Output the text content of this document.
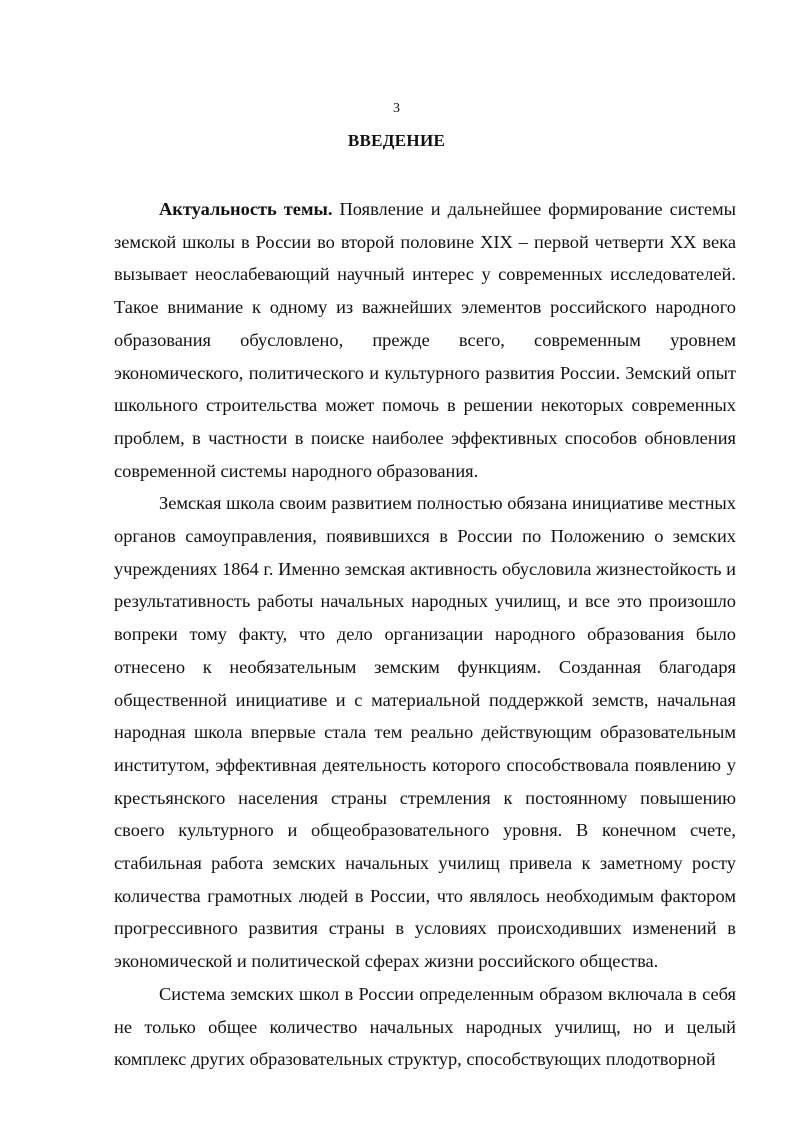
3
ВВЕДЕНИЕ

Актуальность темы. Появление и дальнейшее формирование системы земской школы в России во второй половине XIX – первой четверти XX века вызывает неослабевающий научный интерес у современных исследователей. Такое внимание к одному из важнейших элементов российского народного образования обусловлено, прежде всего, современным уровнем экономического, политического и культурного развития России. Земский опыт школьного строительства может помочь в решении некоторых современных проблем, в частности в поиске наиболее эффективных способов обновления современной системы народного образования.

Земская школа своим развитием полностью обязана инициативе местных органов самоуправления, появившихся в России по Положению о земских учреждениях 1864 г. Именно земская активность обусловила жизнестойкость и результативность работы начальных народных училищ, и все это произошло вопреки тому факту, что дело организации народного образования было отнесено к необязательным земским функциям. Созданная благодаря общественной инициативе и с материальной поддержкой земств, начальная народная школа впервые стала тем реально действующим образовательным институтом, эффективная деятельность которого способствовала появлению у крестьянского населения страны стремления к постоянному повышению своего культурного и общеобразовательного уровня. В конечном счете, стабильная работа земских начальных училищ привела к заметному росту количества грамотных людей в России, что являлось необходимым фактором прогрессивного развития страны в условиях происходивших изменений в экономической и политической сферах жизни российского общества.

Система земских школ в России определенным образом включала в себя не только общее количество начальных народных училищ, но и целый комплекс других образовательных структур, способствующих плодотворной
